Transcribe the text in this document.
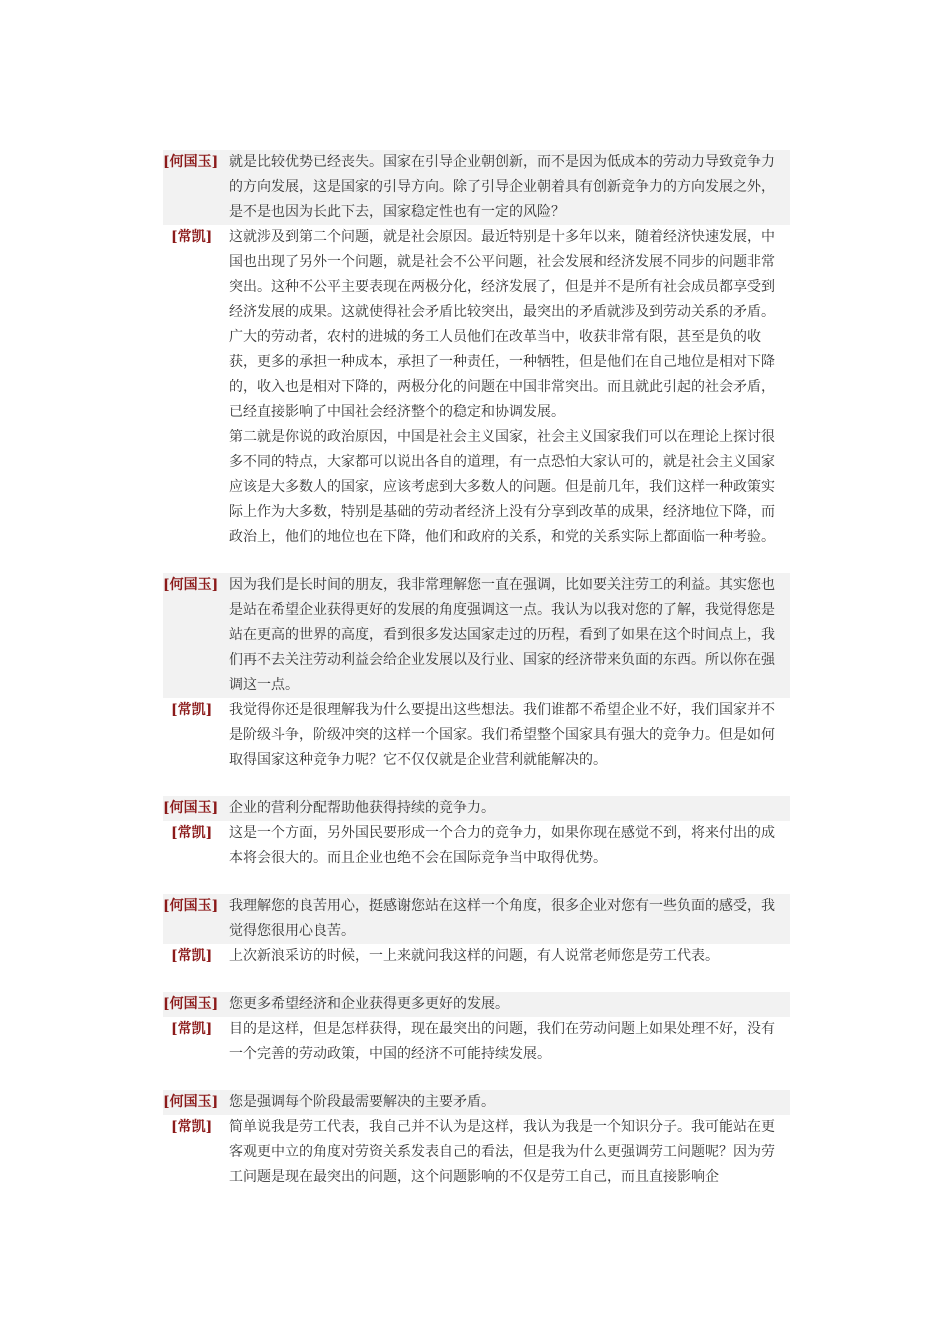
[何国玉] 就是比较优势已经丧失。国家在引导企业朝创新，而不是因为低成本的劳动力导致竞争力的方向发展，这是国家的引导方向。除了引导企业朝着具有创新竞争力的方向发展之外，是不是也因为长此下去，国家稳定性也有一定的风险？

[常凯]	这就涉及到第二个问题，就是社会原因。最近特别是十多年以来，随着经济快速发展，中国也出现了另外一个问题，就是社会不公平问题，社会发展和经济发展不同步的问题非常突出。这种不公平主要表现在两极分化，经济发展了，但是并不是所有社会成员都享受到经济发展的成果。这就使得社会矛盾比较突出，最突出的矛盾就涉及到劳动关系的矛盾。广大的劳动者，农村的进城的务工人员他们在改革当中，收获非常有限，甚至是负的收获，更多的承担一种成本，承担了一种责任，一种牺牲，但是他们在自己地位是相对下降的，收入也是相对下降的，两极分化的问题在中国非常突出。而且就此引起的社会矛盾，已经直接影响了中国社会经济整个的稳定和协调发展。

第二就是你说的政治原因，中国是社会主义国家，社会主义国家我们可以在理论上探讨很多不同的特点，大家都可以说出各自的道理，有一点恐怕大家认可的，就是社会主义国家应该是大多数人的国家，应该考虑到大多数人的问题。但是前几年，我们这样一种政策实际上作为大多数，特别是基础的劳动者经济上没有分享到改革的成果，经济地位下降，而政治上，他们的地位也在下降，他们和政府的关系，和党的关系实际上都面临一种考验。

[何国玉] 因为我们是长时间的朋友，我非常理解您一直在强调，比如要关注劳工的利益。其实您也是站在希望企业获得更好的发展的角度强调这一点。我认为以我对您的了解，我觉得您是站在更高的世界的高度，看到很多发达国家走过的历程，看到了如果在这个时间点上，我们再不去关注劳动利益会给企业发展以及行业、国家的经济带来负面的东西。所以你在强调这一点。

[常凯]	我觉得你还是很理解我为什么要提出这些想法。我们谁都不希望企业不好，我们国家并不是阶级斗争，阶级冲突的这样一个国家。我们希望整个国家具有强大的竞争力。但是如何取得国家这种竞争力呢？它不仅仅就是企业营利就能解决的。

[何国玉] 企业的营利分配帮助他获得持续的竞争力。

[常凯]	这是一个方面，另外国民要形成一个合力的竞争力，如果你现在感觉不到，将来付出的成本将会很大的。而且企业也绝不会在国际竞争当中取得优势。

[何国玉] 我理解您的良苦用心，挺感谢您站在这样一个角度，很多企业对您有一些负面的感受，我觉得您很用心良苦。

[常凯]	上次新浪采访的时候，一上来就问我这样的问题，有人说常老师您是劳工代表。

[何国玉] 您更多希望经济和企业获得更多更好的发展。

[常凯]	目的是这样，但是怎样获得，现在最突出的问题，我们在劳动问题上如果处理不好，没有一个完善的劳动政策，中国的经济不可能持续发展。

[何国玉] 您是强调每个阶段最需要解决的主要矛盾。

[常凯]	简单说我是劳工代表，我自己并不认为是这样，我认为我是一个知识分子。我可能站在更客观更中立的角度对劳资关系发表自己的看法，但是我为什么更强调劳工问题呢？因为劳工问题是现在最突出的问题，这个问题影响的不仅是劳工自己，而且直接影响企
